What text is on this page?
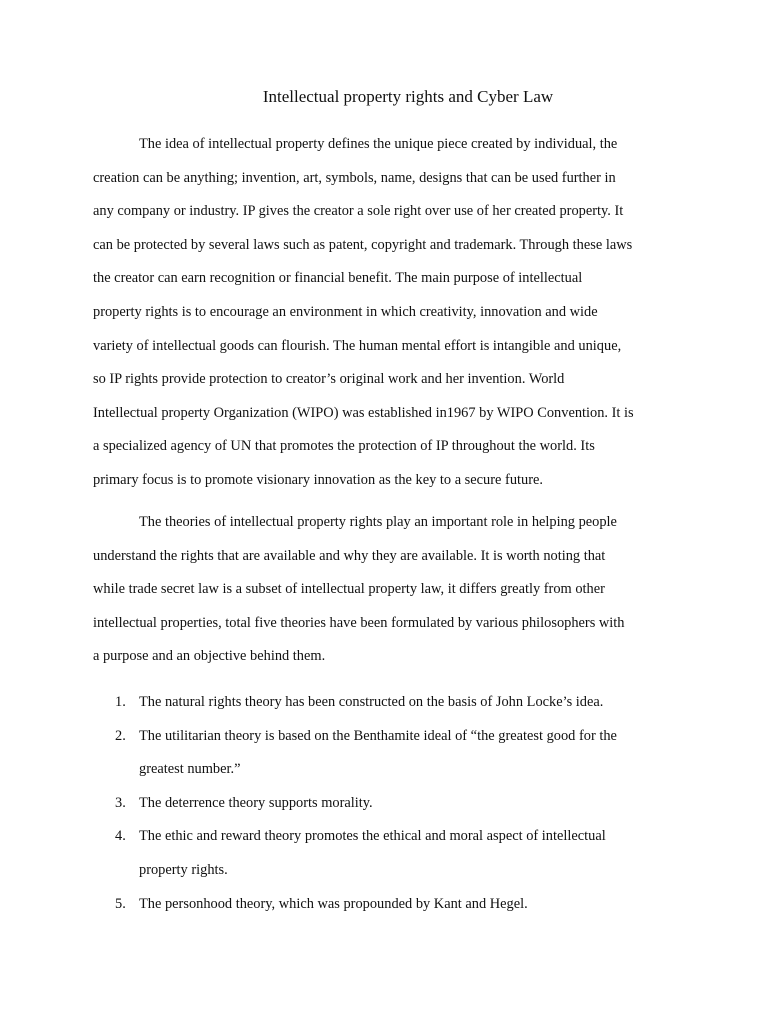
Intellectual property rights and Cyber Law
The idea of intellectual property defines the unique piece created by individual, the
creation can be anything; invention, art, symbols, name, designs that can be used further in
any company or industry. IP gives the creator a sole right over use of her created property. It
can be protected by several laws such as patent, copyright and trademark. Through these laws
the creator can earn recognition or financial benefit. The main purpose of intellectual
property rights is to encourage an environment in which creativity, innovation and wide
variety of intellectual goods can flourish. The human mental effort is intangible and unique,
so IP rights provide protection to creator’s original work and her invention. World
Intellectual property Organization (WIPO) was established in1967 by WIPO Convention. It is
a specialized agency of UN that promotes the protection of IP throughout the world. Its
primary focus is to promote visionary innovation as the key to a secure future.
The theories of intellectual property rights play an important role in helping people
understand the rights that are available and why they are available. It is worth noting that
while trade secret law is a subset of intellectual property law, it differs greatly from other
intellectual properties, total five theories have been formulated by various philosophers with
a purpose and an objective behind them.
1. The natural rights theory has been constructed on the basis of John Locke’s idea.
2. The utilitarian theory is based on the Benthamite ideal of “the greatest good for the
greatest number.”
3. The deterrence theory supports morality.
4. The ethic and reward theory promotes the ethical and moral aspect of intellectual
property rights.
5. The personhood theory, which was propounded by Kant and Hegel.
